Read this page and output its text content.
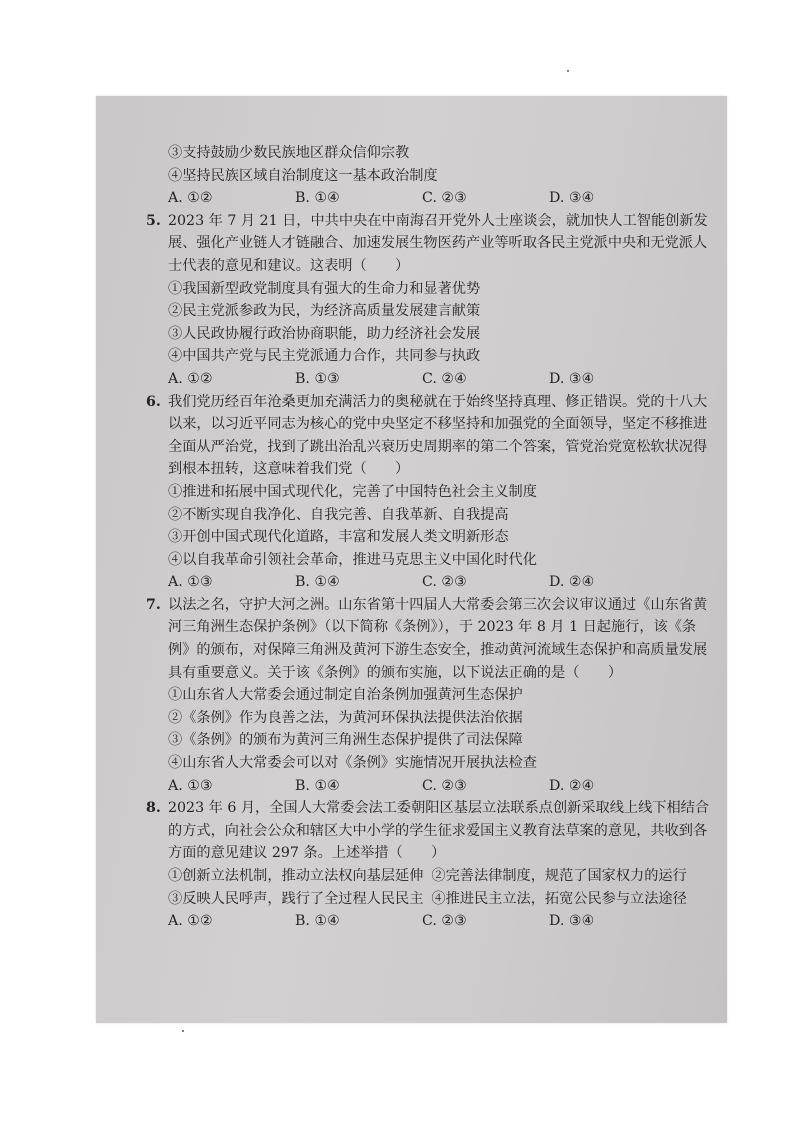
③支持鼓励少数民族地区群众信仰宗教
④坚持民族区域自治制度这一基本政治制度
A. ①②	B. ①④	C. ②③	D. ③④
5. 2023 年 7 月 21 日，中共中央在中南海召开党外人士座谈会，就加快人工智能创新发展、强化产业链人才链融合、加速发展生物医药产业等听取各民主党派中央和无党派人士代表的意见和建议。这表明（　　）
①我国新型政党制度具有强大的生命力和显著优势
②民主党派参政为民，为经济高质量发展建言献策
③人民政协履行政治协商职能，助力经济社会发展
④中国共产党与民主党派通力合作，共同参与执政
A. ①②	B. ①③	C. ②④	D. ③④
6. 我们党历经百年沧桑更加充满活力的奥秘就在于始终坚持真理、修正错误。党的十八大以来，以习近平同志为核心的党中央坚定不移坚持和加强党的全面领导，坚定不移推进全面从严治党，找到了跳出治乱兴衰历史周期率的第二个答案，管党治党宽松软状况得到根本扭转，这意味着我们党（　　）
①推进和拓展中国式现代化，完善了中国特色社会主义制度
②不断实现自我净化、自我完善、自我革新、自我提高
③开创中国式现代化道路，丰富和发展人类文明新形态
④以自我革命引领社会革命，推进马克思主义中国化时代化
A. ①③	B. ①④	C. ②③	D. ②④
7. 以法之名，守护大河之洲。山东省第十四届人大常委会第三次会议审议通过《山东省黄河三角洲生态保护条例》（以下简称《条例》），于 2023 年 8 月 1 日起施行，该《条例》的颁布，对保障三角洲及黄河下游生态安全，推动黄河流域生态保护和高质量发展具有重要意义。关于该《条例》的颁布实施，以下说法正确的是（　　）
①山东省人大常委会通过制定自治条例加强黄河生态保护
②《条例》作为良善之法，为黄河环保执法提供法治依据
③《条例》的颁布为黄河三角洲生态保护提供了司法保障
④山东省人大常委会可以对《条例》实施情况开展执法检查
A. ①③	B. ①④	C. ②③	D. ②④
8. 2023 年 6 月，全国人大常委会法工委朝阳区基层立法联系点创新采取线上线下相结合的方式，向社会公众和辖区大中小学的学生征求爱国主义教育法草案的意见，共收到各方面的意见建议 297 条。上述举措（　　）
①创新立法机制，推动立法权向基层延伸 ②完善法律制度，规范了国家权力的运行
③反映人民呼声，践行了全过程人民民主 ④推进民主立法，拓宽公民参与立法途径
A. ①②	B. ①④	C. ②③	D. ③④
